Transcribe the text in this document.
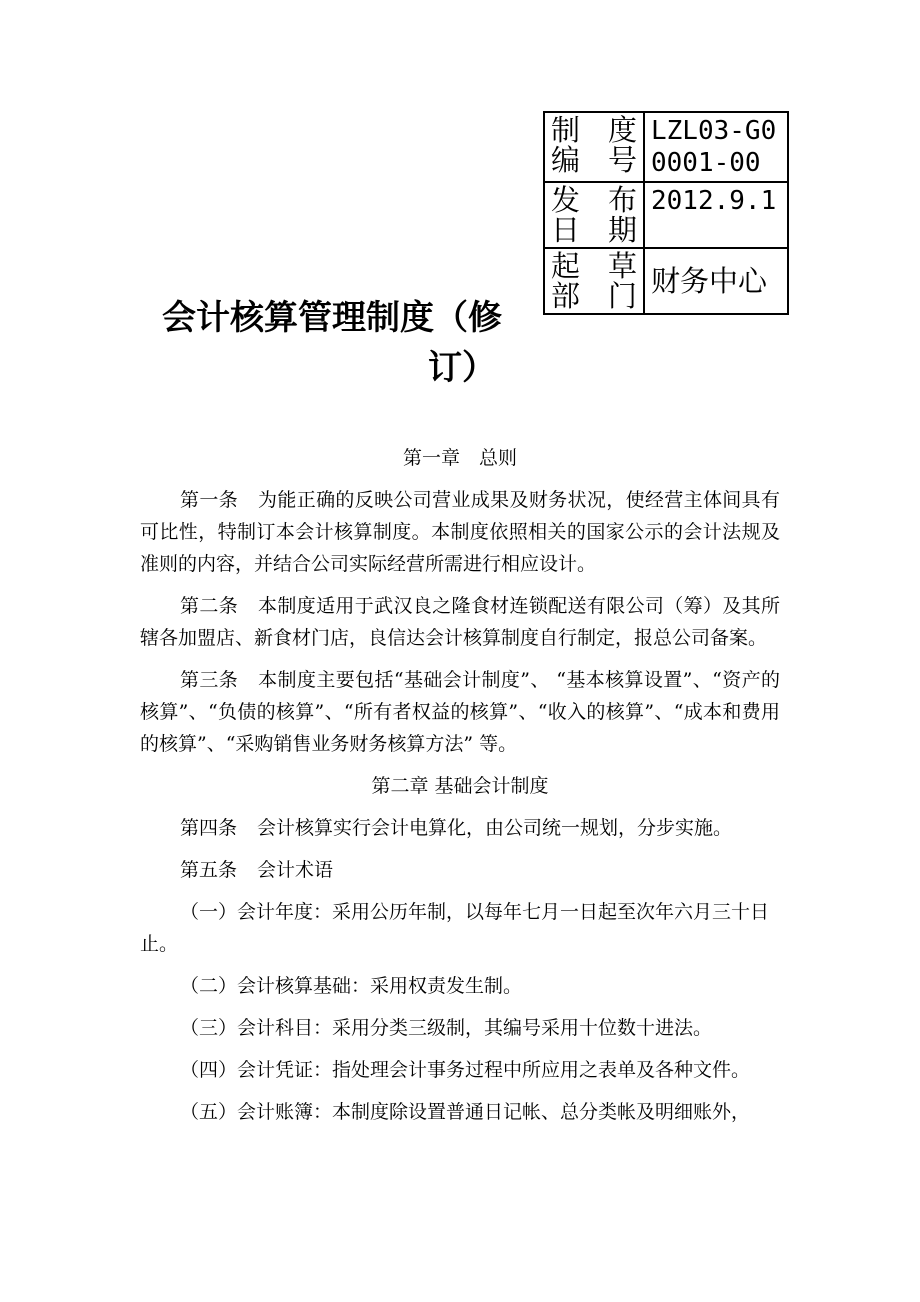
制度编号	LZL03-G00001-00
发布日期	2012.9.1
起草部门	财务中心
会计核算管理制度（修
订）

第一章　总则

第一条 为能正确的反映公司营业成果及财务状况，使经营主体间具有可比性，特制订本会计核算制度。本制度依照相关的国家公示的会计法规及准则的内容，并结合公司实际经营所需进行相应设计。

第二条 本制度适用于武汉良之隆食材连锁配送有限公司（筹）及其所辖各加盟店、新食材门店，良信达会计核算制度自行制定，报总公司备案。

第三条 本制度主要包括“基础会计制度”、 “基本核算设置”、“资产的核算”、“负债的核算”、“所有者权益的核算”、“收入的核算”、“成本和费用的核算”、“采购销售业务财务核算方法” 等。

第二章 基础会计制度

第四条 会计核算实行会计电算化，由公司统一规划，分步实施。

第五条 会计术语

（一）会计年度：采用公历年制，以每年七月一日起至次年六月三十日止。

（二）会计核算基础：采用权责发生制。

（三）会计科目：采用分类三级制，其编号采用十位数十进法。

（四）会计凭证：指处理会计事务过程中所应用之表单及各种文件。

（五）会计账簿：本制度除设置普通日记帐、总分类帐及明细账外，
